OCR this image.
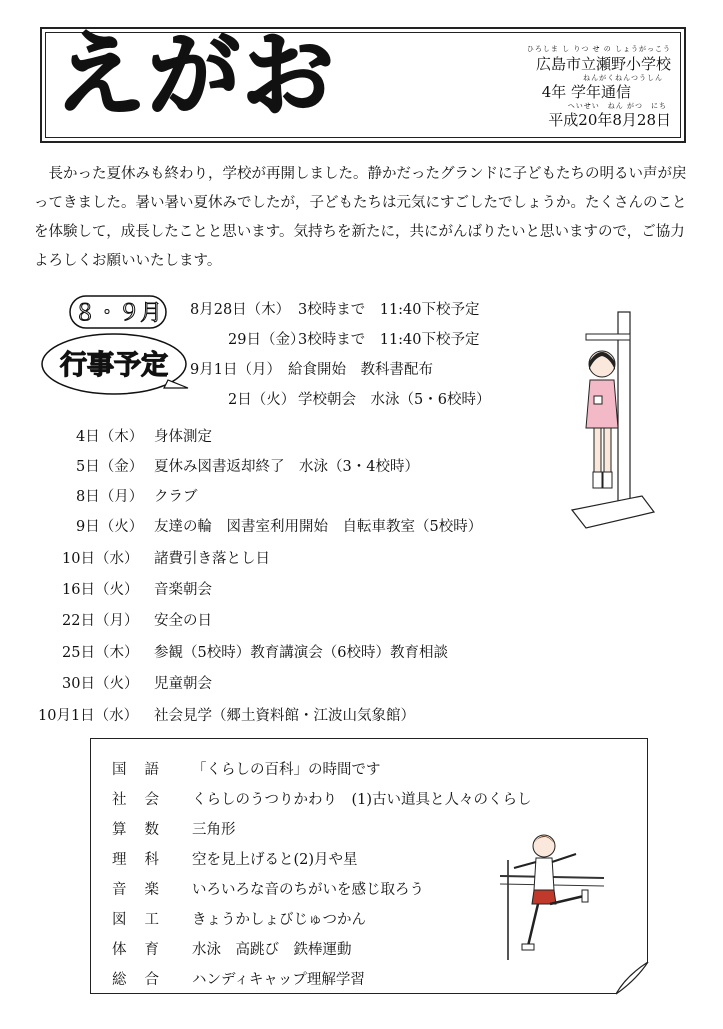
えがお	ひろしま し りつ せ の しょうがっこう
広島市立瀬野小学校
ねんがくねんつうしん
4年 学年通信
へいせい　ねん がつ　にち
平成20年8月28日
長かった夏休みも終わり，学校が再開しました。静かだったグランドに子どもたちの明るい声が戻ってきました。暑い暑い夏休みでしたが，子どもたちは元気にすごしたでしょうか。たくさんのことを体験して，成長したことと思います。気持ちを新たに，共にがんばりたいと思いますので，ご協力よろしくお願いいたします。
８・９月
行事予定
8月28日（木） 3校時まで　11:40下校予定
29日（金）3校時まで　11:40下校予定
9月1日（月） 給食開始　教科書配布
2日（火） 学校朝会　水泳（5・6校時）
4日（木） 身体測定
5日（金） 夏休み図書返却終了　水泳（3・4校時）
8日（月） クラブ
9日（火） 友達の輪　図書室利用開始　自転車教室（5校時）
10日（水） 諸費引き落とし日
16日（火） 音楽朝会
22日（月） 安全の日
25日（木） 参観（5校時）教育講演会（6校時）教育相談
30日（火） 児童朝会
10月1日（水） 社会見学（郷土資料館・江波山気象館）
国語 「くらしの百科」の時間です
社会 くらしのうつりかわり　(1)古い道具と人々のくらし
算数 三角形
理科 空を見上げると(2)月や星
音楽 いろいろな音のちがいを感じ取ろう
図工 きょうかしょびじゅつかん
体育 水泳　高跳び　鉄棒運動
総合 ハンディキャップ理解学習
